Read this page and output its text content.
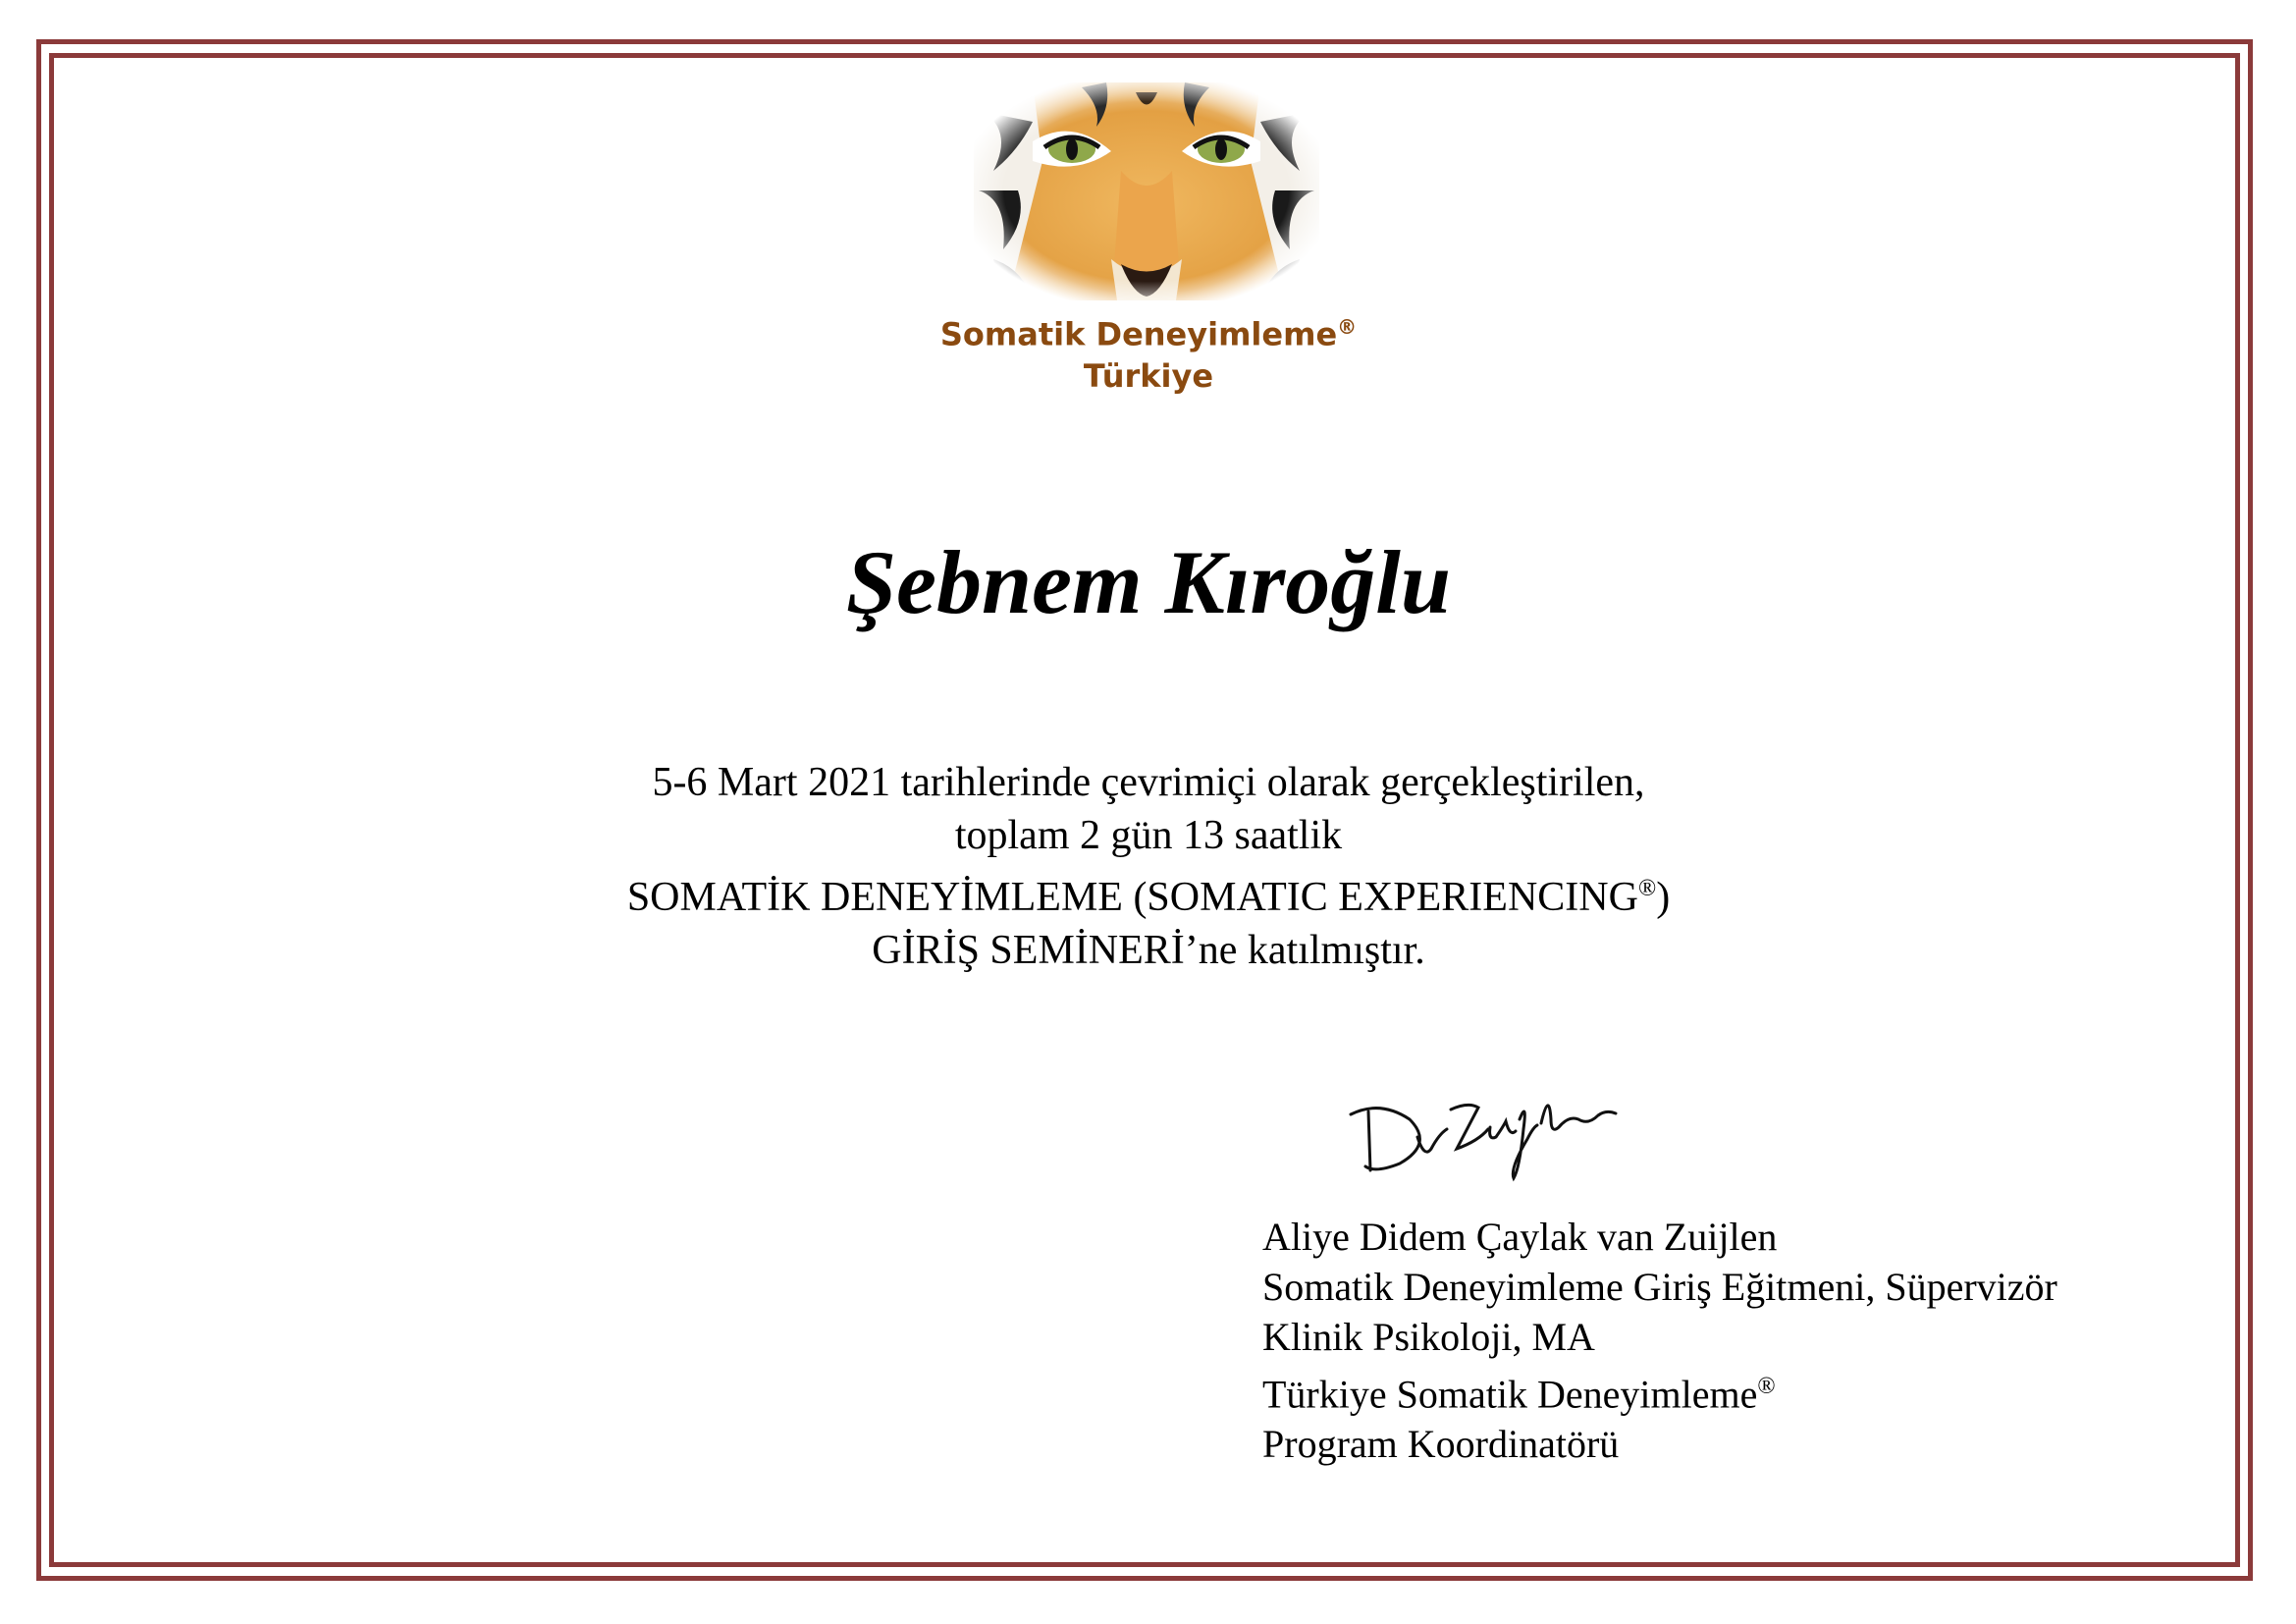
Somatik Deneyimleme®
Türkiye
Şebnem Kıroğlu
5-6 Mart 2021 tarihlerinde çevrimiçi olarak gerçekleştirilen,
toplam 2 gün 13 saatlik
SOMATİK DENEYİMLEME (SOMATIC EXPERIENCING®)
GİRİŞ SEMİNERİ’ne katılmıştır.
Aliye Didem Çaylak van Zuijlen
Somatik Deneyimleme Giriş Eğitmeni, Süpervizör
Klinik Psikoloji, MA
Türkiye Somatik Deneyimleme®
Program Koordinatörü
